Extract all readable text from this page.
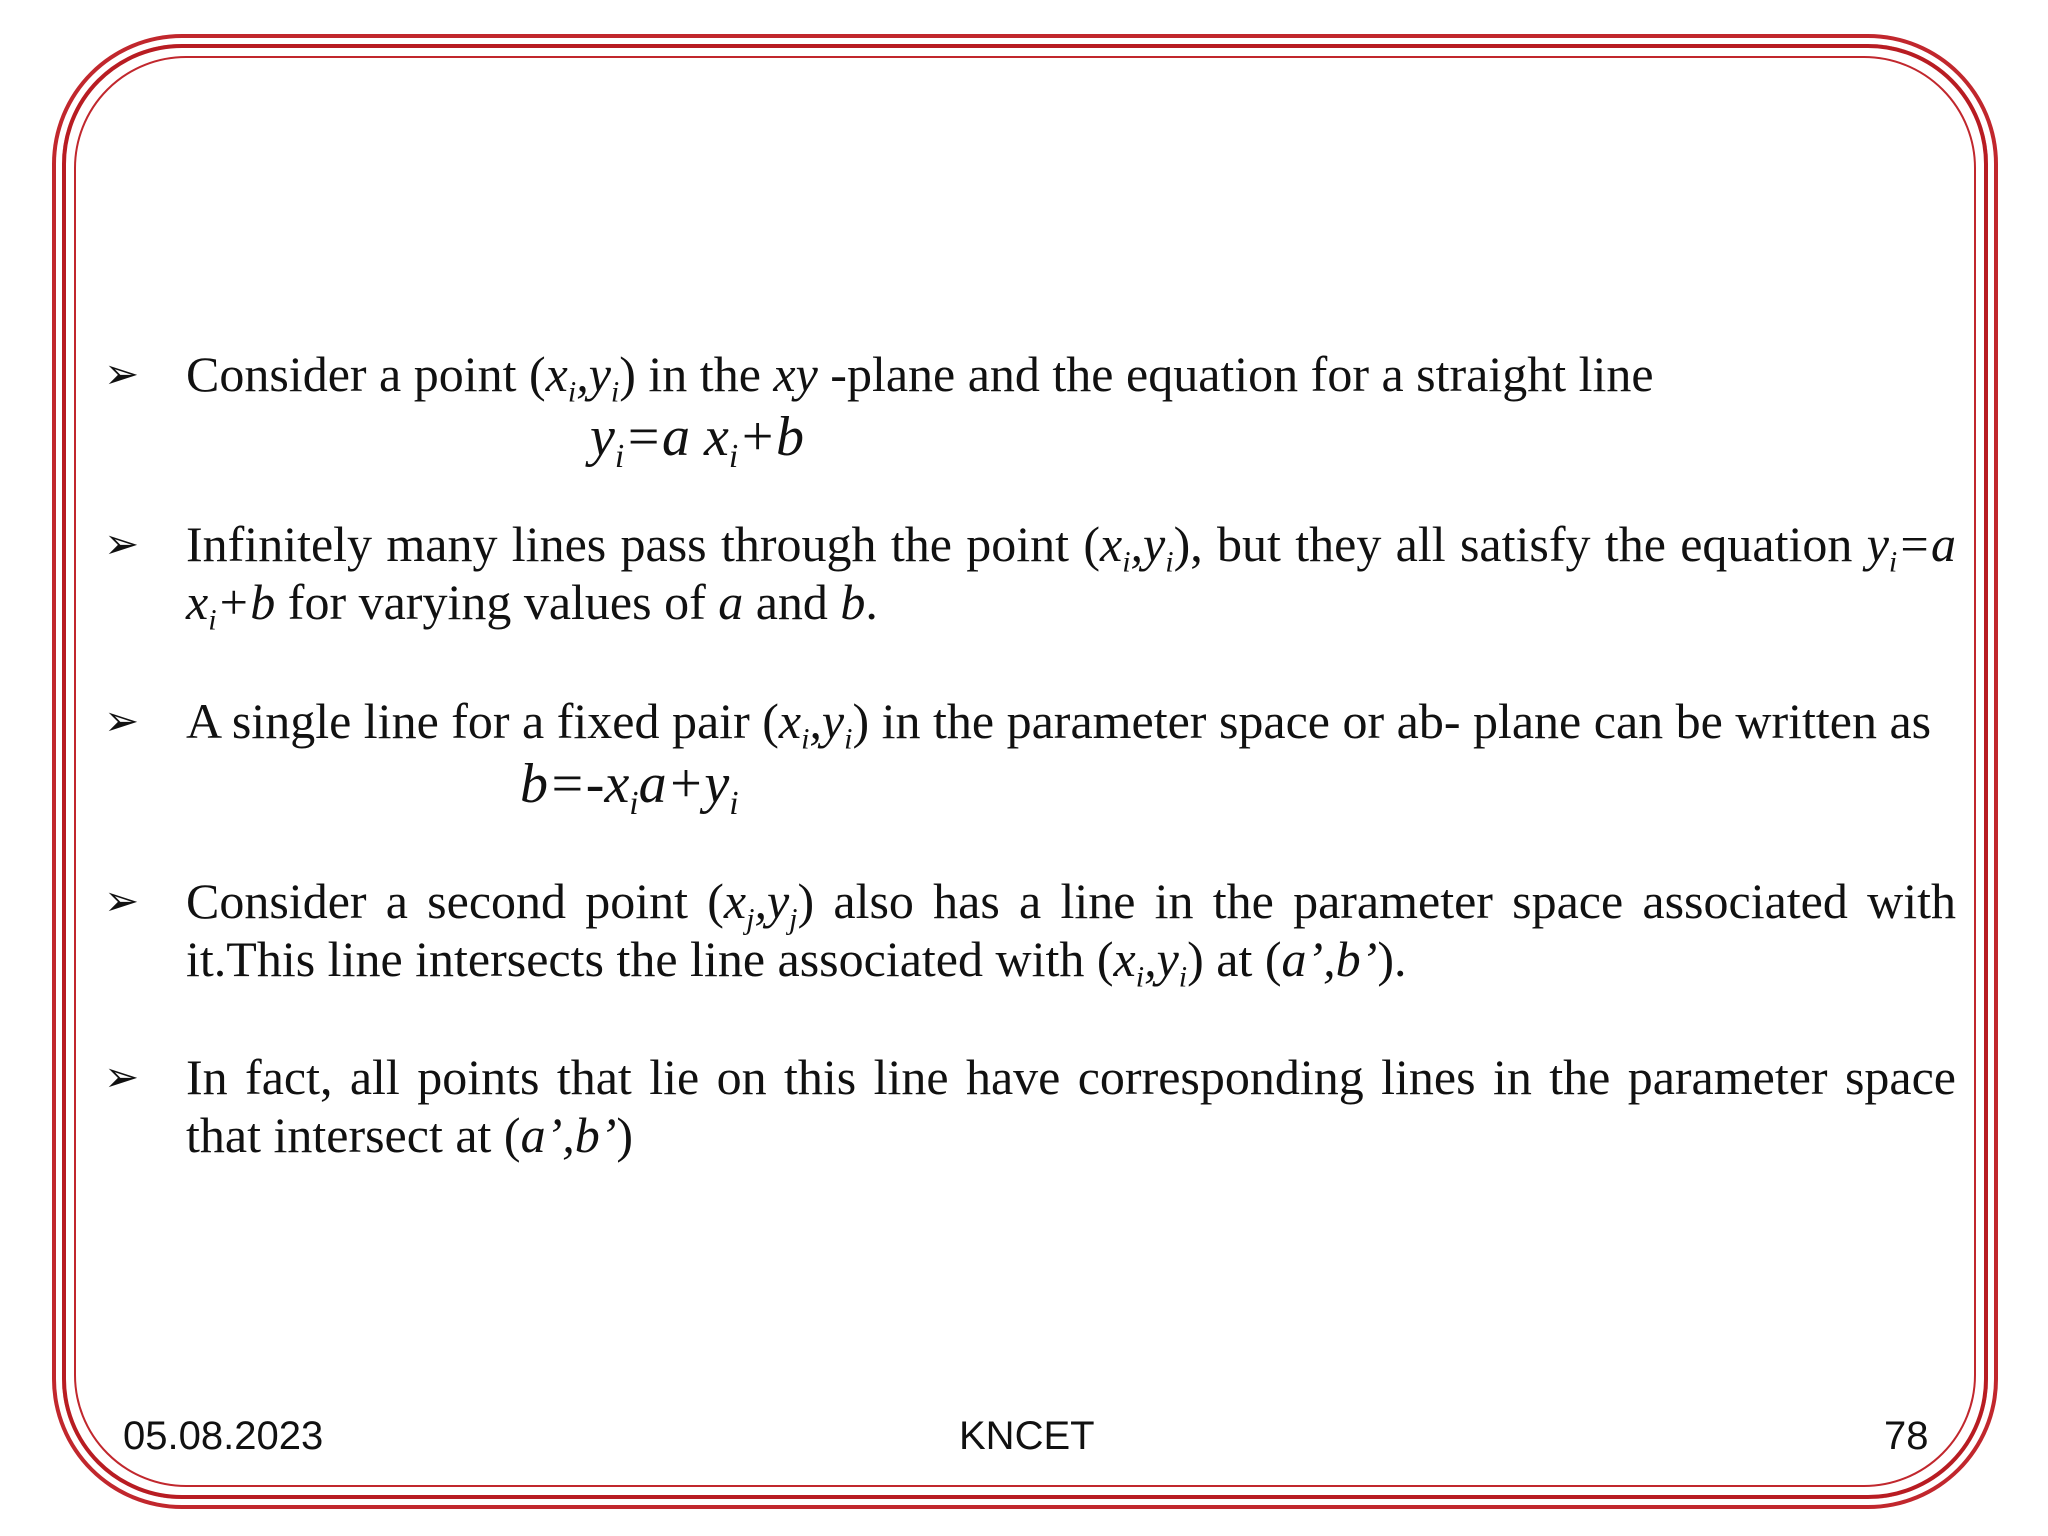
➢ Consider a point $(x_i,y_i)$ in the xy -plane and the equation for a straight line
$y_i=a$ $x_i+b$
➢ Infinitely many lines pass through the point $(x_i,y_i)$, but they all satisfy the equation $y_i=a$ $x_i+b$ for varying values of a and b.
➢ A single line for a fixed pair $(x_i,y_i)$ in the parameter space or ab- plane can be written as
$b=-x_ia+y_i$
➢ Consider a second point $(x_j,y_j)$ also has a line in the parameter space associated with it.This line intersects the line associated with $(x_i,y_i)$ at (a’,b’).
➢ In fact, all points that lie on this line have corresponding lines in the parameter space that intersect at (a’,b’)
05.08.2023	KNCET	78
